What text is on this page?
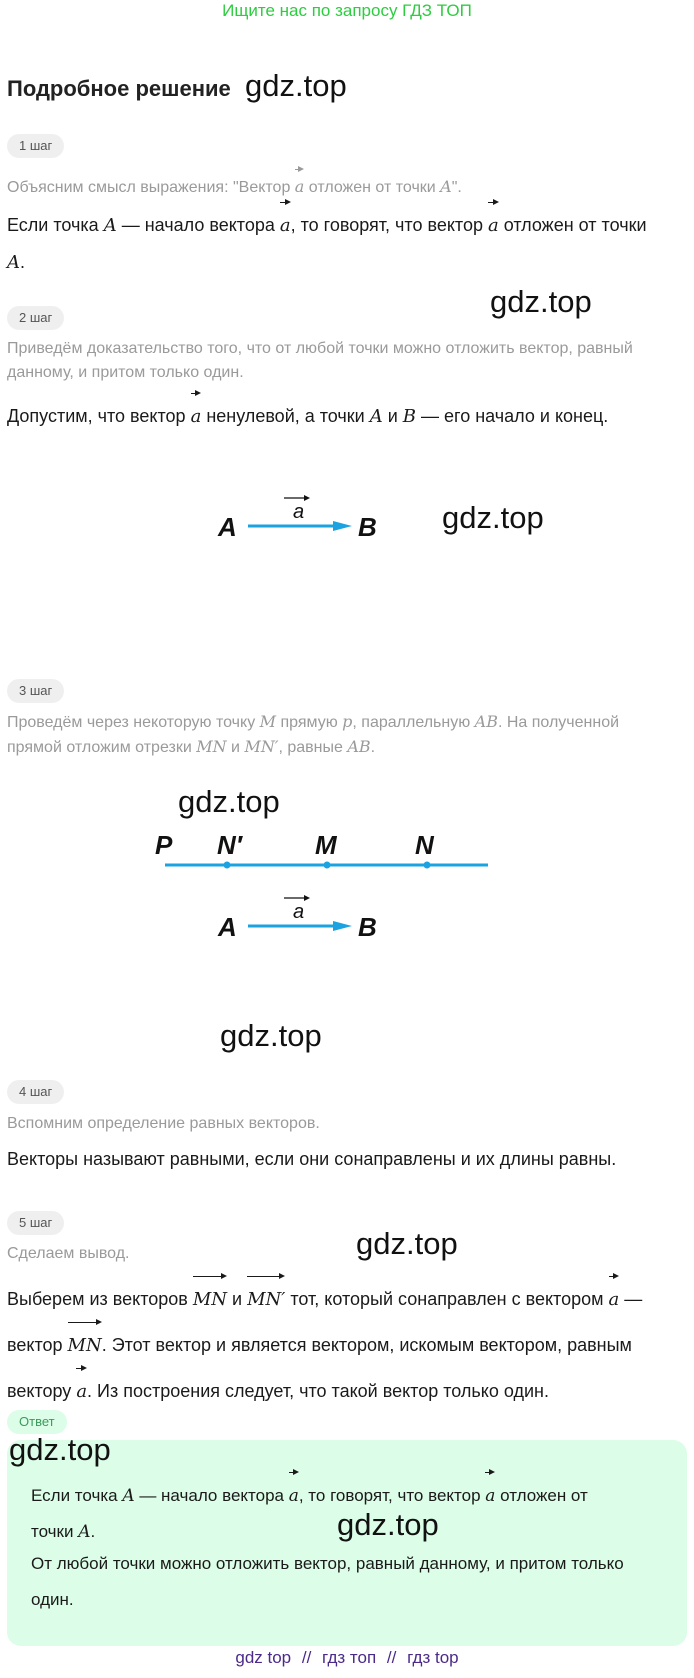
Ищите нас по запросу ГДЗ ТОП
Подробное решение gdz.top
1 шаг
Объясним смысл выражения: "Вектор
a отложен от точки A".
Если точка A — начало вектора
a, то говорят, что вектор
a отложен от точки
A.
gdz.top
2 шаг
Приведём доказательство того, что от любой точки можно отложить вектор, равный данному, и притом только один.
Допустим, что вектор
a ненулевой, а точки A и B — его начало и конец.
A	B
a	gdz.top
3 шаг
Проведём через некоторую точку M прямую p, параллельную AB. На полученной прямой отложим отрезки MN и MN′, равные AB.
gdz.top
P N′	M	N
A	B
a
gdz.top
4 шаг
Вспомним определение равных векторов.
Векторы называют равными, если они сонаправлены и их длины равны.
5 шаг
gdz.top
Сделаем вывод.
Выберем из векторов
MN и
MN′ тот, который сонаправлен с вектором
a —
вектор
MN. Этот вектор и является вектором, искомым вектором, равным
вектору
a. Из построения следует, что такой вектор только один.
Ответ
gdz.top
Если точка A — начало вектора
a, то говорят, что вектор
a отложен от
точки A.	gdz.top
От любой точки можно отложить вектор, равный данному, и притом только один.
gdz top // гдз топ // гдз top
